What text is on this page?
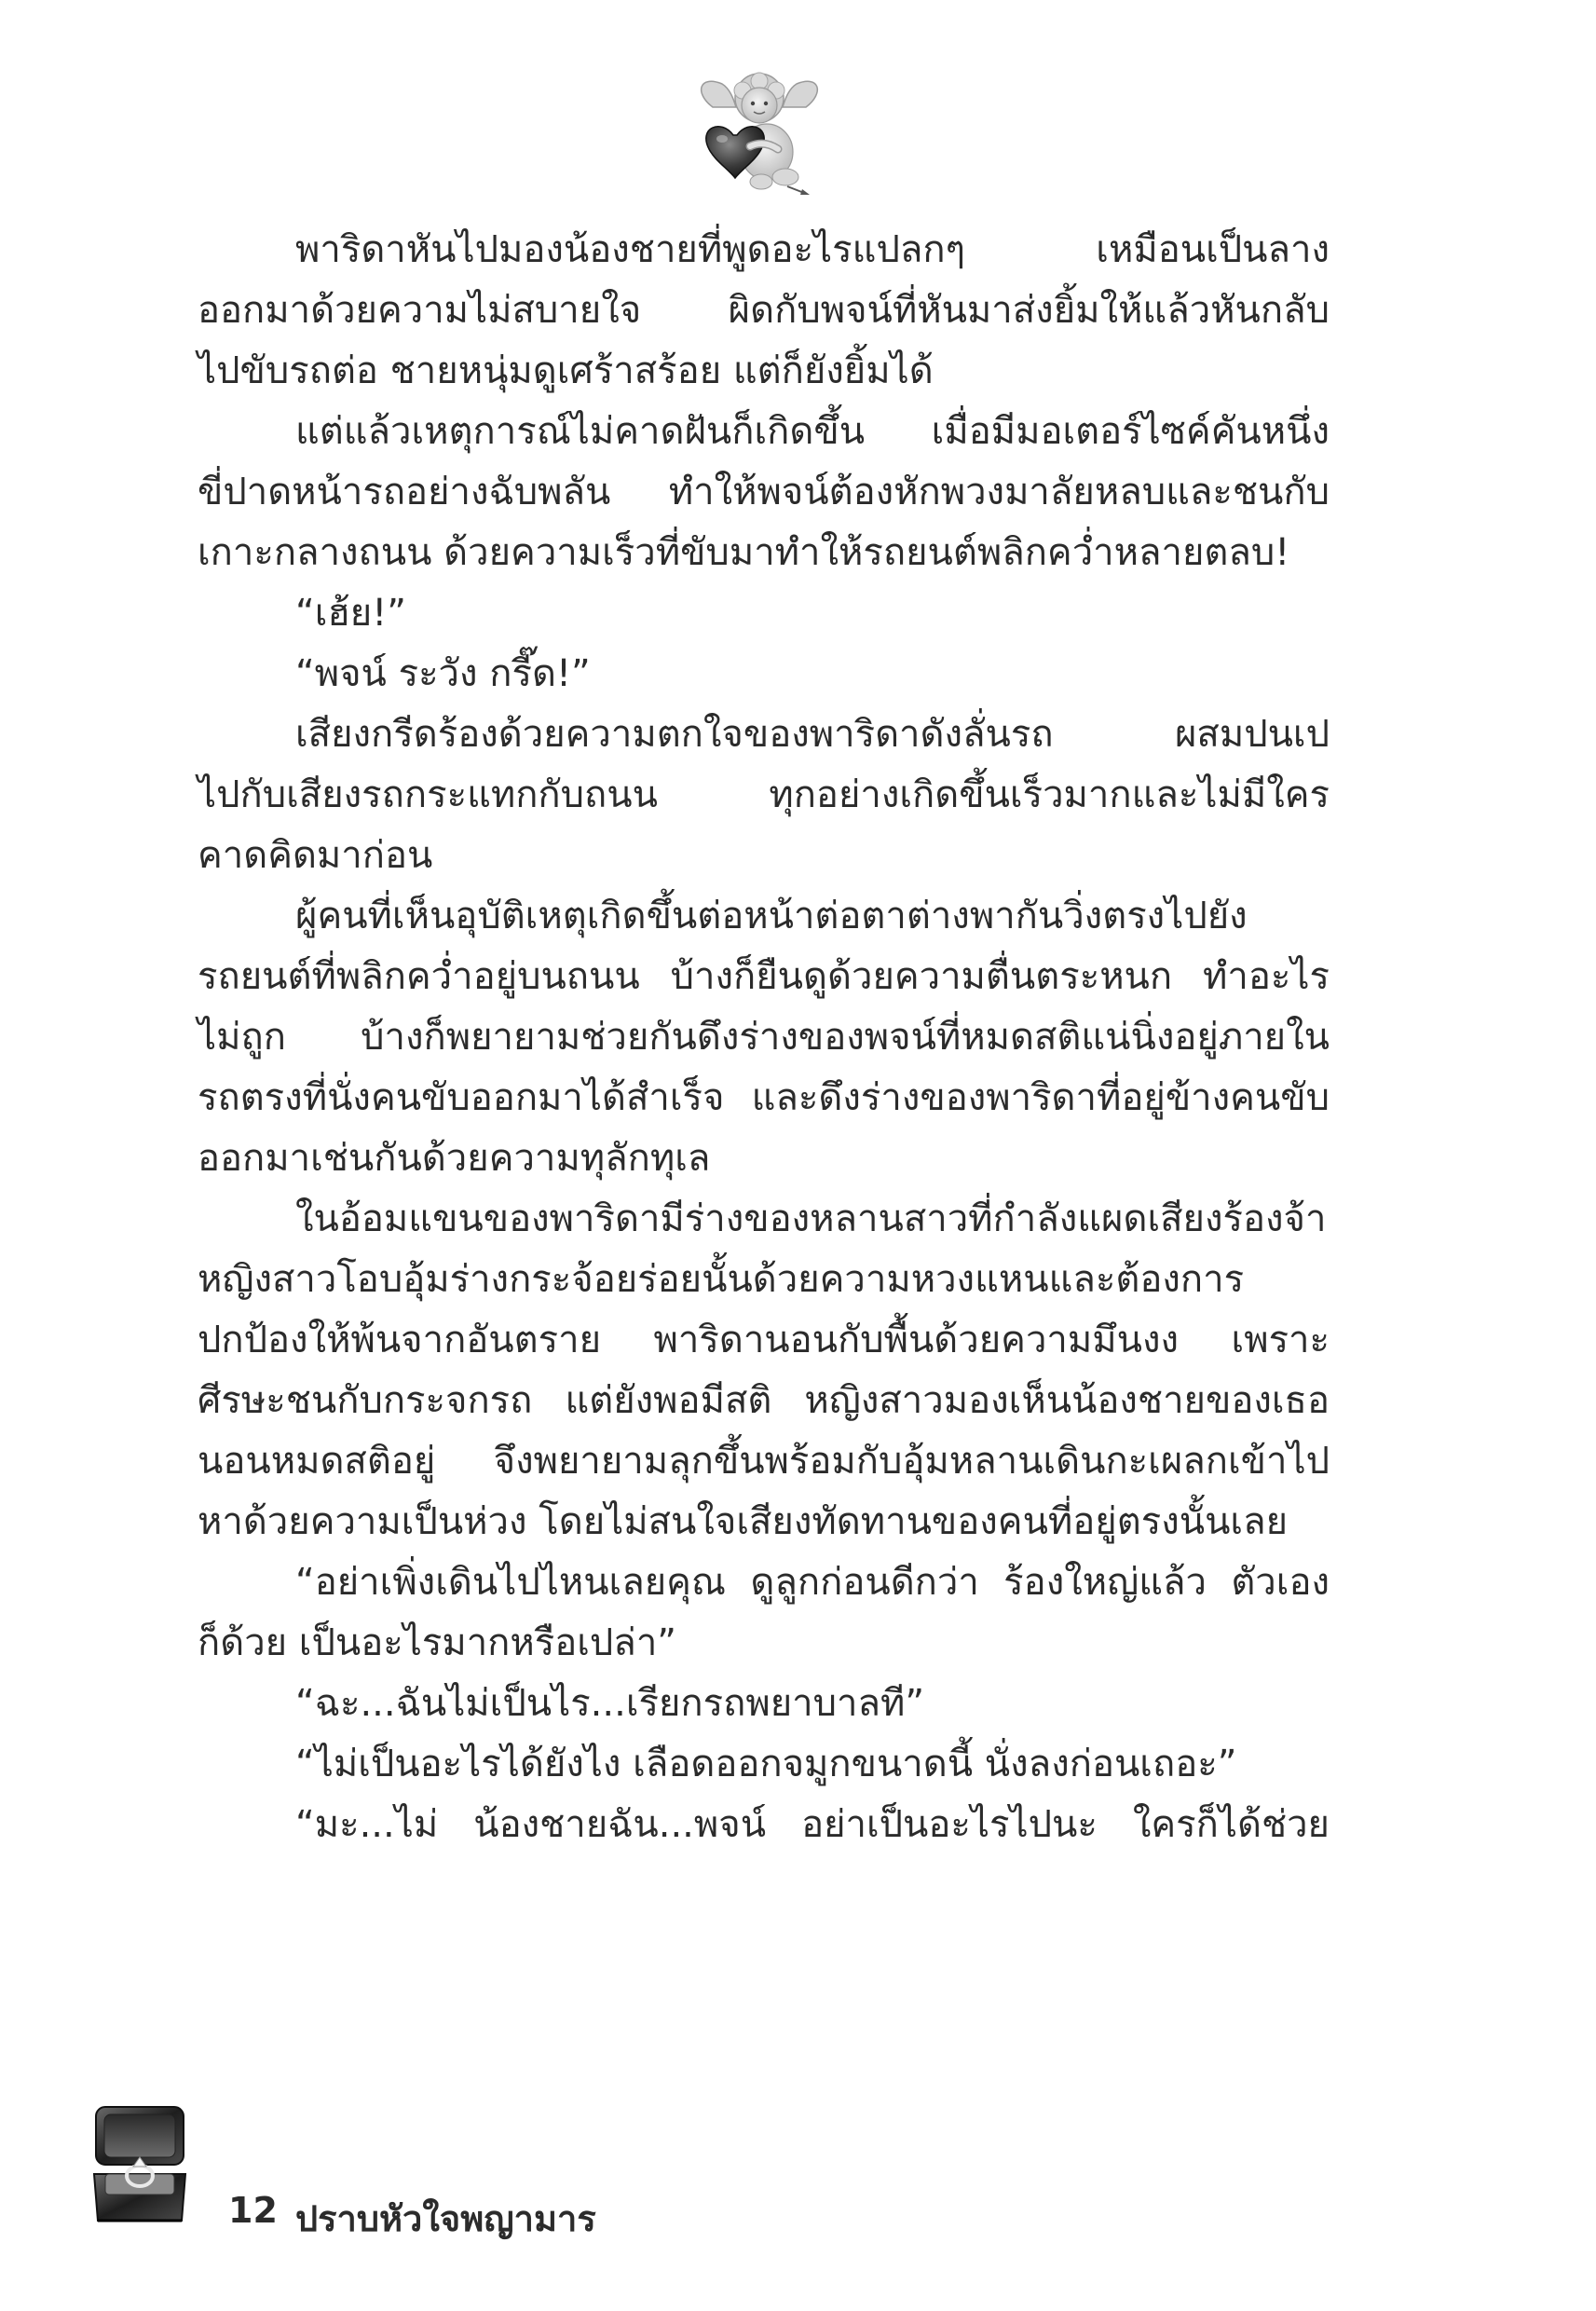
พาริดาหันไปมองน้องชายที่พูดอะไรแปลกๆ เหมือนเป็นลาง
ออกมาด้วยความไม่สบายใจ ผิดกับพจน์ที่หันมาส่งยิ้มให้แล้วหันกลับ
ไปขับรถต่อ ชายหนุ่มดูเศร้าสร้อย แต่ก็ยังยิ้มได้
แต่แล้วเหตุการณ์ไม่คาดฝันก็เกิดขึ้น เมื่อมีมอเตอร์ไซค์คันหนึ่ง
ขี่ปาดหน้ารถอย่างฉับพลัน ทำให้พจน์ต้องหักพวงมาลัยหลบและชนกับ
เกาะกลางถนน ด้วยความเร็วที่ขับมาทำให้รถยนต์พลิกคว่ำหลายตลบ!
“เฮ้ย!”
“พจน์ ระวัง กรี๊ด!”
เสียงกรีดร้องด้วยความตกใจของพาริดาดังลั่นรถ ผสมปนเป
ไปกับเสียงรถกระแทกกับถนน ทุกอย่างเกิดขึ้นเร็วมากและไม่มีใคร
คาดคิดมาก่อน
ผู้คนที่เห็นอุบัติเหตุเกิดขึ้นต่อหน้าต่อตาต่างพากันวิ่งตรงไปยัง
รถยนต์ที่พลิกคว่ำอยู่บนถนน บ้างก็ยืนดูด้วยความตื่นตระหนก ทำอะไร
ไม่ถูก บ้างก็พยายามช่วยกันดึงร่างของพจน์ที่หมดสติแน่นิ่งอยู่ภายใน
รถตรงที่นั่งคนขับออกมาได้สำเร็จ และดึงร่างของพาริดาที่อยู่ข้างคนขับ
ออกมาเช่นกันด้วยความทุลักทุเล
ในอ้อมแขนของพาริดามีร่างของหลานสาวที่กำลังแผดเสียงร้องจ้า
หญิงสาวโอบอุ้มร่างกระจ้อยร่อยนั้นด้วยความหวงแหนและต้องการ
ปกป้องให้พ้นจากอันตราย พาริดานอนกับพื้นด้วยความมึนงง เพราะ
ศีรษะชนกับกระจกรถ แต่ยังพอมีสติ หญิงสาวมองเห็นน้องชายของเธอ
นอนหมดสติอยู่ จึงพยายามลุกขึ้นพร้อมกับอุ้มหลานเดินกะเผลกเข้าไป
หาด้วยความเป็นห่วง โดยไม่สนใจเสียงทัดทานของคนที่อยู่ตรงนั้นเลย
“อย่าเพิ่งเดินไปไหนเลยคุณ ดูลูกก่อนดีกว่า ร้องใหญ่แล้ว ตัวเอง
ก็ด้วย เป็นอะไรมากหรือเปล่า”
“ฉะ...ฉันไม่เป็นไร...เรียกรถพยาบาลที”
“ไม่เป็นอะไรได้ยังไง เลือดออกจมูกขนาดนี้ นั่งลงก่อนเถอะ”
“มะ...ไม่ น้องชายฉัน...พจน์ อย่าเป็นอะไรไปนะ ใครก็ได้ช่วย
12 ปราบหัวใจพญามาร
